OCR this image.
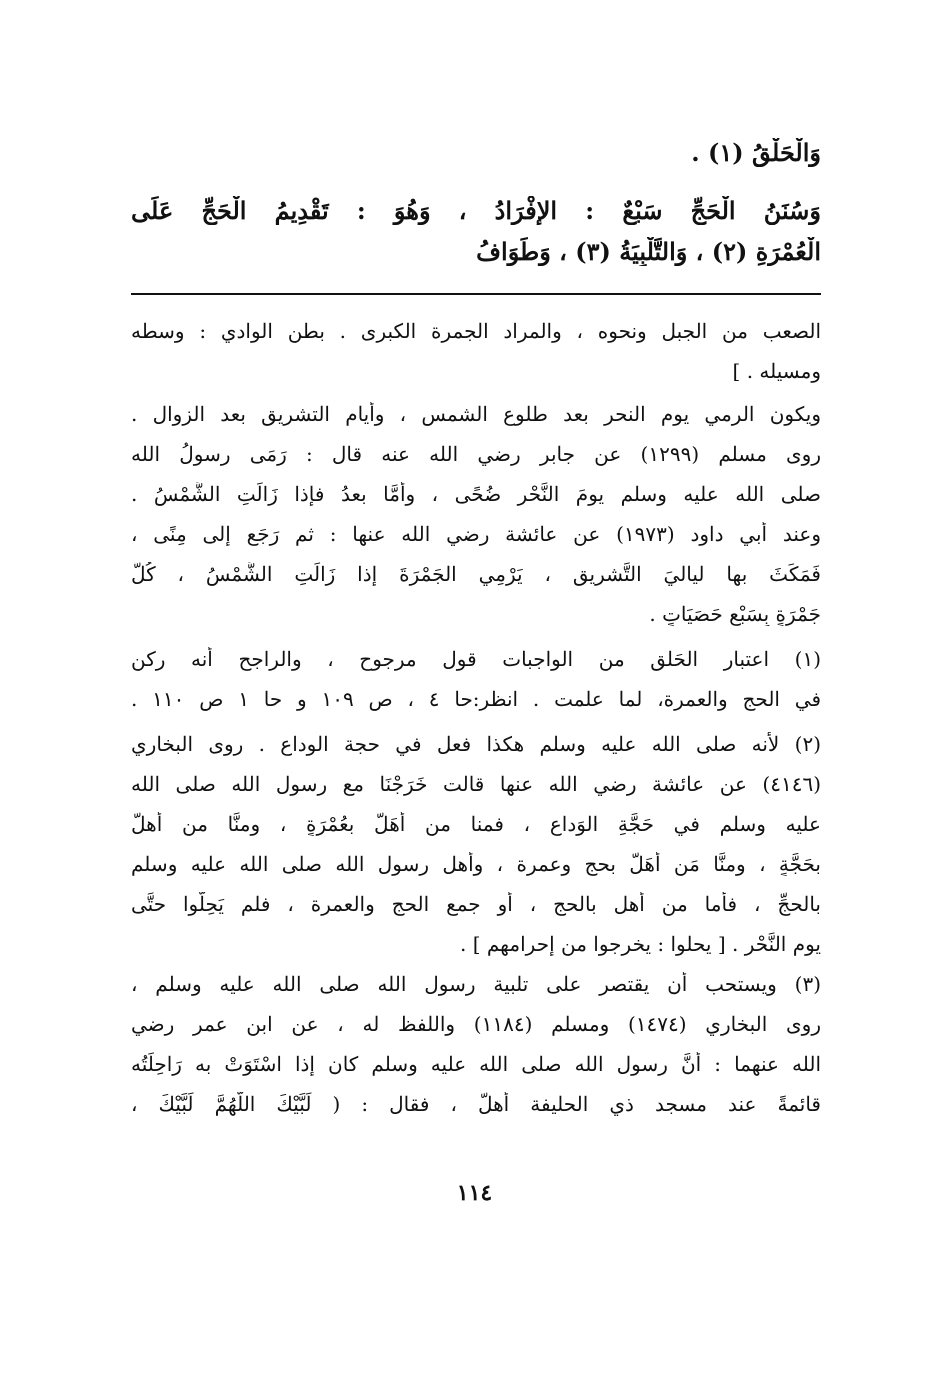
وَالْحَلْقُ (١) .
وَسُنَنُ الْحَجِّ سَبْعٌ : الإِفْرَادُ ، وَهُوَ : تَقْدِيمُ الْحَجِّ عَلَى
الْعُمْرَةِ (٢) ، وَالتَّلْبِيَةُ (٣) ، وَطَوَافُ
الصعب من الجبل ونحوه ، والمراد الجمرة الكبرى . بطن الوادي : وسطه
ومسيله . ]
ويكون الرمي يوم النحر بعد طلوع الشمس ، وأيام التشريق بعد الزوال .
روى مسلم (١٢٩٩) عن جابر رضي الله عنه قال : رَمَى رسولُ الله
صلى الله عليه وسلم يومَ النَّحْرِ ضُحًى ، وأمَّا بعدُ فإذا زَالَتِ الشَّمْسُ .
وعند أبي داود (١٩٧٣) عن عائشة رضي الله عنها : ثم رَجَع إلى مِنًى ،
فَمَكَثَ بها لياليَ التَّشريقِ ، يَرْمِي الجَمْرَةَ إذا زَالَتِ الشَّمْسُ ، كُلَّ
جَمْرَةٍ بِسَبْعِ حَصَيَاتٍ .
(١) اعتبار الحَلق من الواجبات قول مرجوح ، والراجح أنه ركن
في الحج والعمرة، لما علمت . انظر:حا ٤ ، ص ١٠٩ و حا ١ ص ١١٠ .
(٢) لأنه صلى الله عليه وسلم هكذا فعل في حجة الوداع . روى البخاري
(٤١٤٦) عن عائشة رضي الله عنها قالت خَرَجْنَا مع رسول الله صلى الله
عليه وسلم في حَجَّةِ الوَداعِ ، فمنا من أهَلَّ بعُمْرَةٍ ، ومنَّا من أهلَّ
بحَجَّةٍ ، ومنَّا مَن أهَلَّ بحج وعمرة ، وأهل رسول الله صلى الله عليه وسلم
بالحجِّ ، فأما من أهل بالحج ، أو جمع الحج والعمرة ، فلم يَحِلُّوا حتَّى
يومِ النَّحْرِ . [ يحلوا : يخرجوا من إحرامهم ] .
(٣) ويستحب أن يقتصر على تلبية رسول الله صلى الله عليه وسلم ،
روى البخاري (١٤٧٤) ومسلم (١١٨٤) واللفظ له ، عن ابن عمر رضي
الله عنهما : أنَّ رسول الله صلى الله عليه وسلم كان إذا اسْتَوَتْ به رَاحِلَتُه
قائمةً عند مسجد ذي الحليفة أهلَّ ، فقال : ( لَبَّيْكَ اللَّهُمَّ لَبَّيْكَ ،
١١٤
